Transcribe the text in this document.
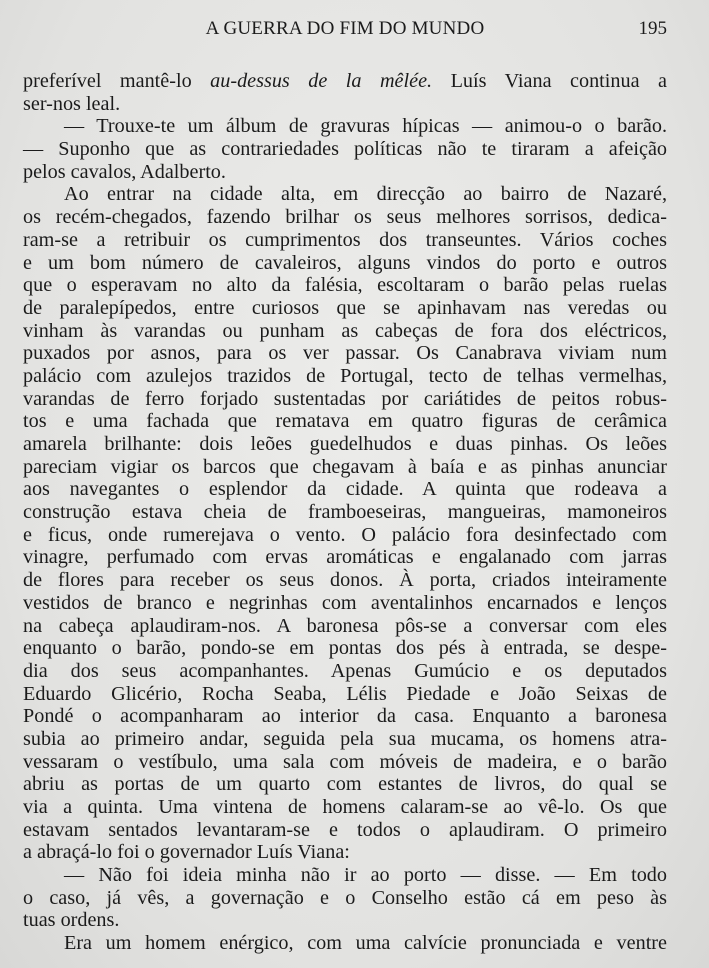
A GUERRA DO FIM DO MUNDO	195
preferível mantê-lo au-dessus de la mêlée. Luís Viana continua a
ser-nos leal.
— Trouxe-te um álbum de gravuras hípicas — animou-o o barão.
— Suponho que as contrariedades políticas não te tiraram a afeição
pelos cavalos, Adalberto.
Ao entrar na cidade alta, em direcção ao bairro de Nazaré,
os recém-chegados, fazendo brilhar os seus melhores sorrisos, dedica-
ram-se a retribuir os cumprimentos dos transeuntes. Vários coches
e um bom número de cavaleiros, alguns vindos do porto e outros
que o esperavam no alto da falésia, escoltaram o barão pelas ruelas
de paralepípedos, entre curiosos que se apinhavam nas veredas ou
vinham às varandas ou punham as cabeças de fora dos eléctricos,
puxados por asnos, para os ver passar. Os Canabrava viviam num
palácio com azulejos trazidos de Portugal, tecto de telhas vermelhas,
varandas de ferro forjado sustentadas por cariátides de peitos robus-
tos e uma fachada que rematava em quatro figuras de cerâmica
amarela brilhante: dois leões guedelhudos e duas pinhas. Os leões
pareciam vigiar os barcos que chegavam à baía e as pinhas anunciar
aos navegantes o esplendor da cidade. A quinta que rodeava a
construção estava cheia de framboeseiras, mangueiras, mamoneiros
e ficus, onde rumerejava o vento. O palácio fora desinfectado com
vinagre, perfumado com ervas aromáticas e engalanado com jarras
de flores para receber os seus donos. À porta, criados inteiramente
vestidos de branco e negrinhas com aventalinhos encarnados e lenços
na cabeça aplaudiram-nos. A baronesa pôs-se a conversar com eles
enquanto o barão, pondo-se em pontas dos pés à entrada, se despe-
dia dos seus acompanhantes. Apenas Gumúcio e os deputados
Eduardo Glicério, Rocha Seaba, Lélis Piedade e João Seixas de
Pondé o acompanharam ao interior da casa. Enquanto a baronesa
subia ao primeiro andar, seguida pela sua mucama, os homens atra-
vessaram o vestíbulo, uma sala com móveis de madeira, e o barão
abriu as portas de um quarto com estantes de livros, do qual se
via a quinta. Uma vintena de homens calaram-se ao vê-lo. Os que
estavam sentados levantaram-se e todos o aplaudiram. O primeiro
a abraçá-lo foi o governador Luís Viana:
— Não foi ideia minha não ir ao porto — disse. — Em todo
o caso, já vês, a governação e o Conselho estão cá em peso às
tuas ordens.
Era um homem enérgico, com uma calvície pronunciada e ventre
